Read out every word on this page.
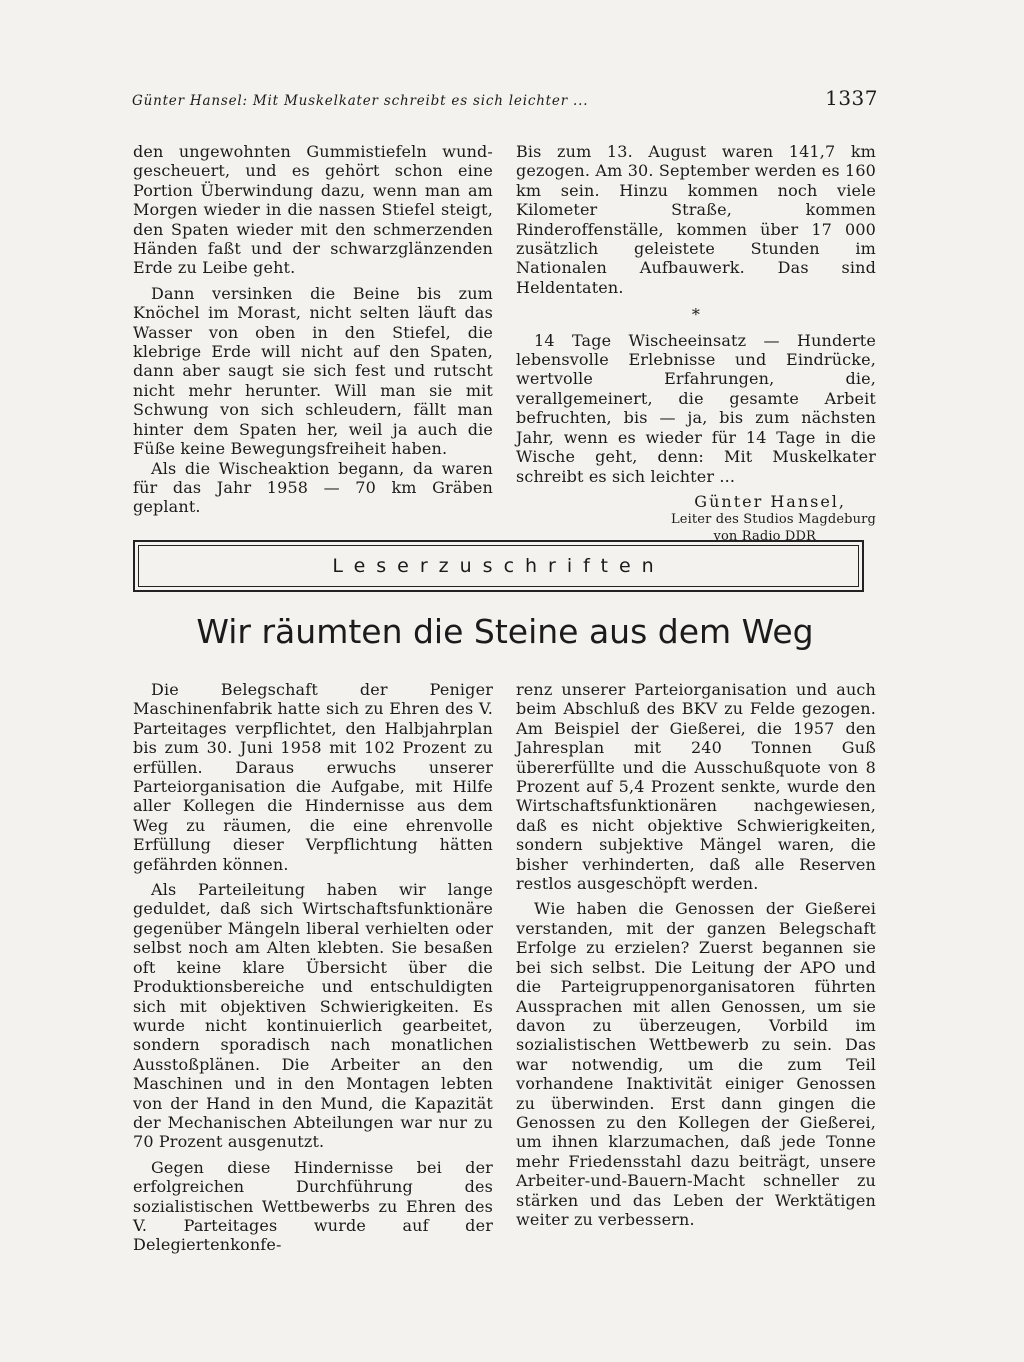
Günter Hansel: Mit Muskelkater schreibt es sich leichter ...	1337

den ungewohnten Gummistiefeln wund-gescheuert, und es gehört schon eine Portion Überwindung dazu, wenn man am Morgen wieder in die nassen Stiefel steigt, den Spaten wieder mit den schmerzenden Händen faßt und der schwarzglänzenden Erde zu Leibe geht.

Dann versinken die Beine bis zum Knöchel im Morast, nicht selten läuft das Wasser von oben in den Stiefel, die klebrige Erde will nicht auf den Spaten, dann aber saugt sie sich fest und rutscht nicht mehr herunter. Will man sie mit Schwung von sich schleudern, fällt man hinter dem Spaten her, weil ja auch die Füße keine Bewegungsfreiheit haben.

Als die Wischeaktion begann, da waren für das Jahr 1958 — 70 km Gräben geplant.

Bis zum 13. August waren 141,7 km gezogen. Am 30. September werden es 160 km sein. Hinzu kommen noch viele Kilometer Straße, kommen Rinderoffenställe, kommen über 17 000 zusätzlich geleistete Stunden im Nationalen Aufbauwerk. Das sind Heldentaten.

*

14 Tage Wischeeinsatz — Hunderte lebensvolle Erlebnisse und Eindrücke, wertvolle Erfahrungen, die, verallgemeinert, die gesamte Arbeit befruchten, bis — ja, bis zum nächsten Jahr, wenn es wieder für 14 Tage in die Wische geht, denn: Mit Muskelkater schreibt es sich leichter ...

Günter Hansel,
Leiter des Studios Magdeburg
von Radio DDR
Leserzuschriften
Wir räumten die Steine aus dem Weg

Die Belegschaft der Peniger Maschinenfabrik hatte sich zu Ehren des V. Parteitages verpflichtet, den Halbjahrplan bis zum 30. Juni 1958 mit 102 Prozent zu erfüllen. Daraus erwuchs unserer Parteiorganisation die Aufgabe, mit Hilfe aller Kollegen die Hindernisse aus dem Weg zu räumen, die eine ehrenvolle Erfüllung dieser Verpflichtung hätten gefährden können.

Als Parteileitung haben wir lange geduldet, daß sich Wirtschaftsfunktionäre gegenüber Mängeln liberal verhielten oder selbst noch am Alten klebten. Sie besaßen oft keine klare Übersicht über die Produktionsbereiche und entschuldigten sich mit objektiven Schwierigkeiten. Es wurde nicht kontinuierlich gearbeitet, sondern sporadisch nach monatlichen Ausstoßplänen. Die Arbeiter an den Maschinen und in den Montagen lebten von der Hand in den Mund, die Kapazität der Mechanischen Abteilungen war nur zu 70 Prozent ausgenutzt.

Gegen diese Hindernisse bei der erfolgreichen Durchführung des sozialistischen Wettbewerbs zu Ehren des V. Parteitages wurde auf der Delegiertenkonfe-

renz unserer Parteiorganisation und auch beim Abschluß des BKV zu Felde gezogen. Am Beispiel der Gießerei, die 1957 den Jahresplan mit 240 Tonnen Guß übererfüllte und die Ausschußquote von 8 Prozent auf 5,4 Prozent senkte, wurde den Wirtschaftsfunktionären nachgewiesen, daß es nicht objektive Schwierigkeiten, sondern subjektive Mängel waren, die bisher verhinderten, daß alle Reserven restlos ausgeschöpft werden.

Wie haben die Genossen der Gießerei verstanden, mit der ganzen Belegschaft Erfolge zu erzielen? Zuerst begannen sie bei sich selbst. Die Leitung der APO und die Parteigruppenorganisatoren führten Aussprachen mit allen Genossen, um sie davon zu überzeugen, Vorbild im sozialistischen Wettbewerb zu sein. Das war notwendig, um die zum Teil vorhandene Inaktivität einiger Genossen zu überwinden. Erst dann gingen die Genossen zu den Kollegen der Gießerei, um ihnen klarzumachen, daß jede Tonne mehr Friedensstahl dazu beiträgt, unsere Arbeiter-und-Bauern-Macht schneller zu stärken und das Leben der Werktätigen weiter zu verbessern.
